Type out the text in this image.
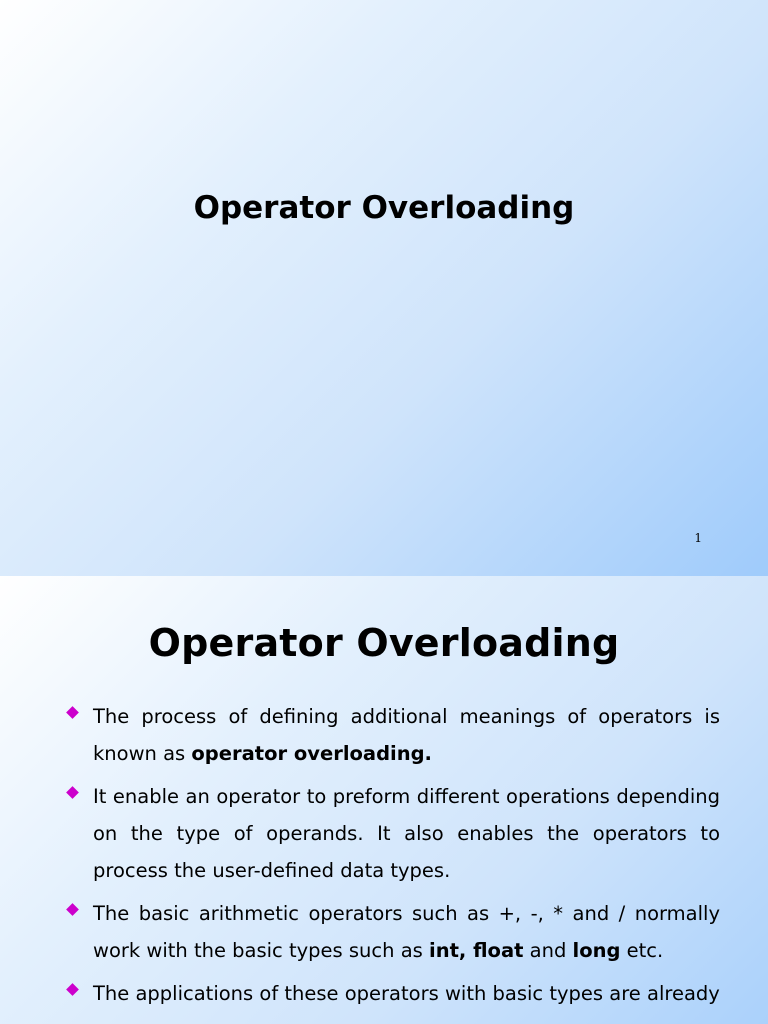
Operator Overloading
1
Operator Overloading
The process of defining additional meanings of operators is known as operator overloading.
It enable an operator to preform different operations depending on the type of operands. It also enables the operators to process the user-defined data types.
The basic arithmetic operators such as +, -, * and / normally work with the basic types such as int, float and long etc.
The applications of these operators with basic types are already
